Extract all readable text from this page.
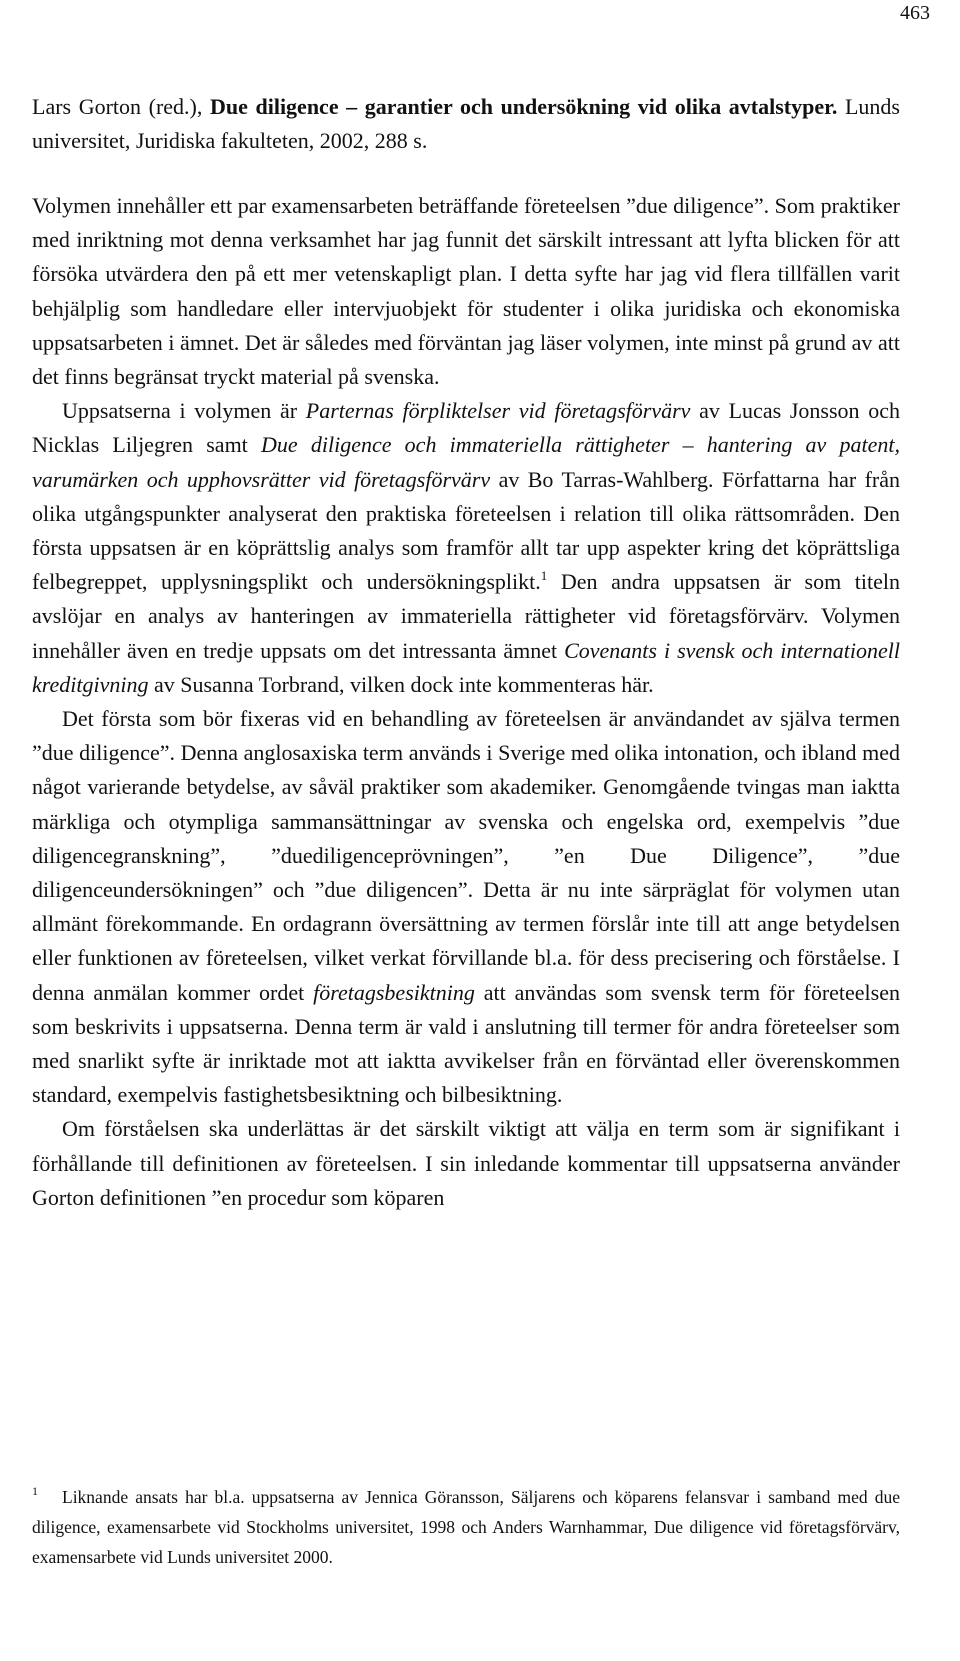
463
Lars Gorton (red.), Due diligence – garantier och undersökning vid olika avtalstyper. Lunds universitet, Juridiska fakulteten, 2002, 288 s.

Volymen innehåller ett par examensarbeten beträffande företeelsen ”due diligence”. Som praktiker med inriktning mot denna verksamhet har jag funnit det särskilt intressant att lyfta blicken för att försöka utvärdera den på ett mer vetenskapligt plan. I detta syfte har jag vid flera tillfällen varit behjälplig som handledare eller intervjuobjekt för studenter i olika juridiska och ekonomiska uppsatsarbeten i ämnet. Det är således med förväntan jag läser volymen, inte minst på grund av att det finns begränsat tryckt material på svenska.

Uppsatserna i volymen är Parternas förpliktelser vid företagsförvärv av Lucas Jonsson och Nicklas Liljegren samt Due diligence och immateriella rättigheter – hantering av patent, varumärken och upphovsrätter vid företagsförvärv av Bo Tarras-Wahlberg. Författarna har från olika utgångspunkter analyserat den praktiska företeelsen i relation till olika rättsområden. Den första uppsatsen är en köprättslig analys som framför allt tar upp aspekter kring det köprättsliga felbegreppet, upplysningsplikt och undersökningsplikt.$^1$ Den andra uppsatsen är som titeln avslöjar en analys av hanteringen av immateriella rättigheter vid företagsförvärv. Volymen innehåller även en tredje uppsats om det intressanta ämnet Covenants i svensk och internationell kreditgivning av Susanna Torbrand, vilken dock inte kommenteras här.

Det första som bör fixeras vid en behandling av företeelsen är användandet av själva termen ”due diligence”. Denna anglosaxiska term används i Sverige med olika intonation, och ibland med något varierande betydelse, av såväl praktiker som akademiker. Genomgående tvingas man iaktta märkliga och otympliga sammansättningar av svenska och engelska ord, exempelvis ”due diligencegranskning”, ”duediligenceprövningen”, ”en Due Diligence”, ”due diligenceundersökningen” och ”due diligencen”. Detta är nu inte särpräglat för volymen utan allmänt förekommande. En ordagrann översättning av termen förslår inte till att ange betydelsen eller funktionen av företeelsen, vilket verkat förvillande bl.a. för dess precisering och förståelse. I denna anmälan kommer ordet företagsbesiktning att användas som svensk term för företeelsen som beskrivits i uppsatserna. Denna term är vald i anslutning till termer för andra företeelser som med snarlikt syfte är inriktade mot att iaktta avvikelser från en förväntad eller överenskommen standard, exempelvis fastighetsbesiktning och bilbesiktning.

Om förståelsen ska underlättas är det särskilt viktigt att välja en term som är signifikant i förhållande till definitionen av företeelsen. I sin inledande kommentar till uppsatserna använder Gorton definitionen ”en procedur som köparen

1	Liknande ansats har bl.a. uppsatserna av Jennica Göransson, Säljarens och köparens felansvar i samband med due diligence, examensarbete vid Stockholms universitet, 1998 och Anders Warnhammar, Due diligence vid företagsförvärv, examensarbete vid Lunds universitet 2000.
